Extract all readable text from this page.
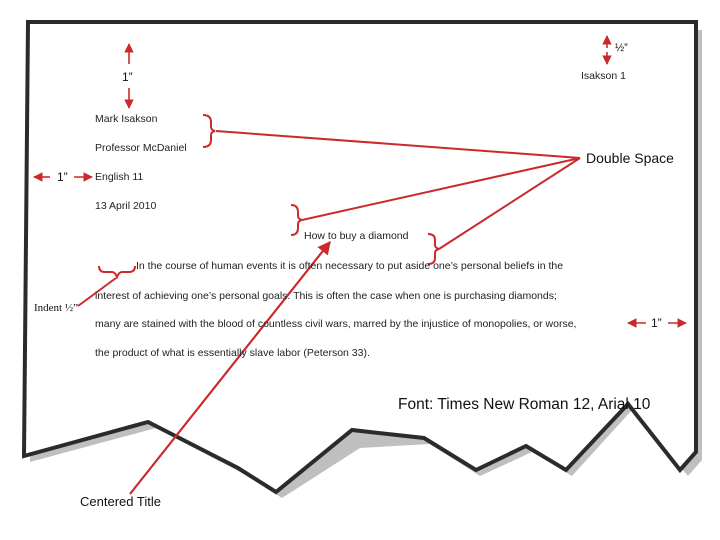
Isakson 1
Mark Isakson
Professor McDaniel
English 11
13 April 2010
How to buy a diamond
In the course of human events it is often necessary to put aside one’s personal beliefs in the
interest of achieving one’s personal goals. This is often the case when one is purchasing diamonds;
many are stained with the blood of countless civil wars, marred by the injustice of monopolies, or worse,
the product of what is essentially slave labor (Peterson 33).
1”
½”
1”
1”
Indent ½”
Double Space
Font: Times New Roman 12, Arial 10
Centered Title
